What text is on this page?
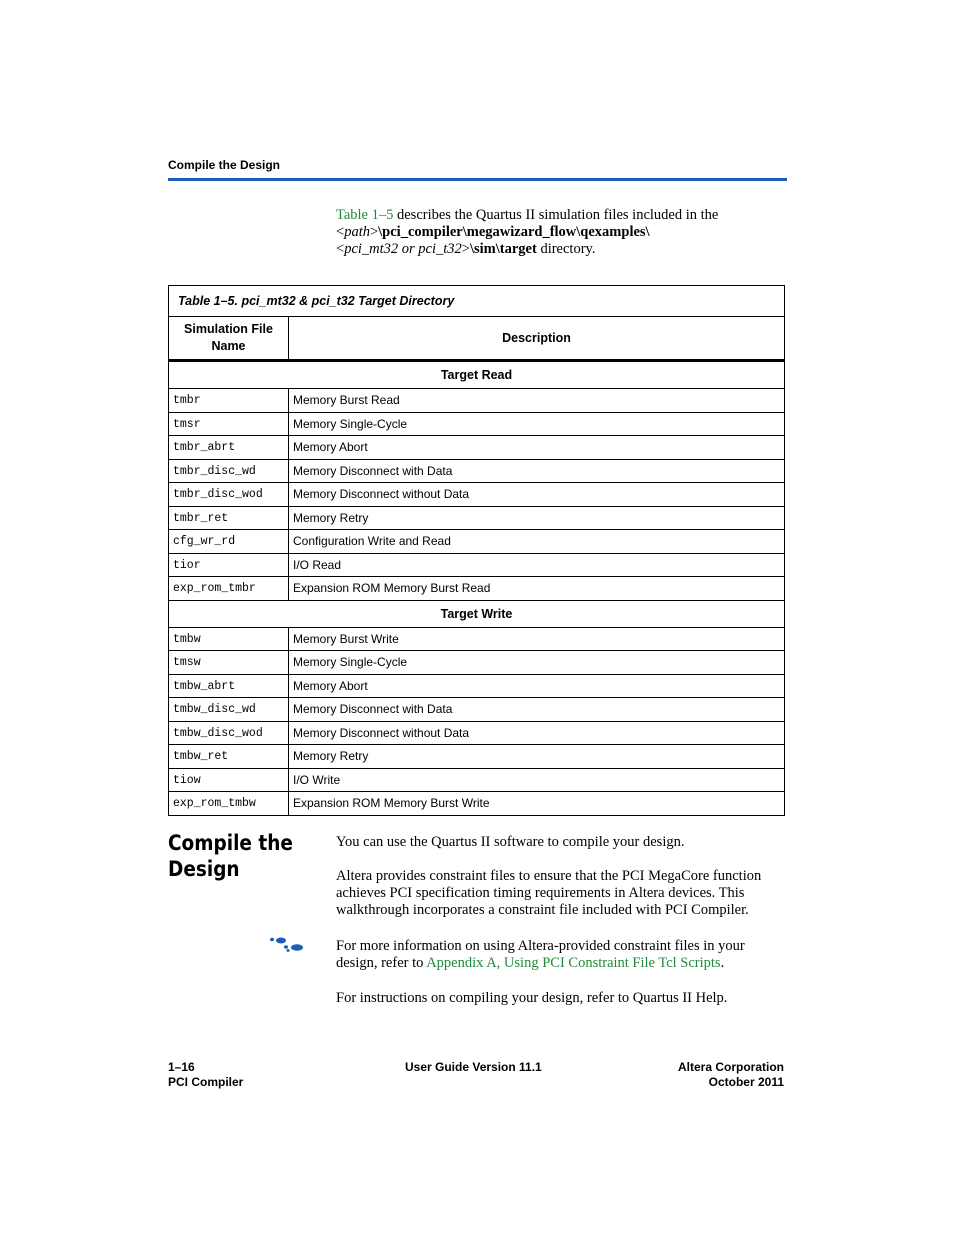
Compile the Design
Table 1–5 describes the Quartus II simulation files included in the
<path>\pci_compiler\megawizard_flow\qexamples\
<pci_mt32 or pci_t32>\sim\target directory.
Table 1–5. pci_mt32 & pci_t32 Target Directory	
Simulation File Name	Description
Target Read	
tmbr	Memory Burst Read
tmsr	Memory Single-Cycle
tmbr_abrt	Memory Abort
tmbr_disc_wd	Memory Disconnect with Data
tmbr_disc_wod	Memory Disconnect without Data
tmbr_ret	Memory Retry
cfg_wr_rd	Configuration Write and Read
tior	I/O Read
exp_rom_tmbr	Expansion ROM Memory Burst Read
Target Write	
tmbw	Memory Burst Write
tmsw	Memory Single-Cycle
tmbw_abrt	Memory Abort
tmbw_disc_wd	Memory Disconnect with Data
tmbw_disc_wod	Memory Disconnect without Data
tmbw_ret	Memory Retry
tiow	I/O Write
exp_rom_tmbw	Expansion ROM Memory Burst Write
Compile the
Design
You can use the Quartus II software to compile your design.
Altera provides constraint files to ensure that the PCI MegaCore function achieves PCI specification timing requirements in Altera devices. This walkthrough incorporates a constraint file included with PCI Compiler.
For more information on using Altera-provided constraint files in your design, refer to Appendix A, Using PCI Constraint File Tcl Scripts.
For instructions on compiling your design, refer to Quartus II Help.
1–16
PCI Compiler
User Guide Version 11.1	Altera Corporation
October 2011
